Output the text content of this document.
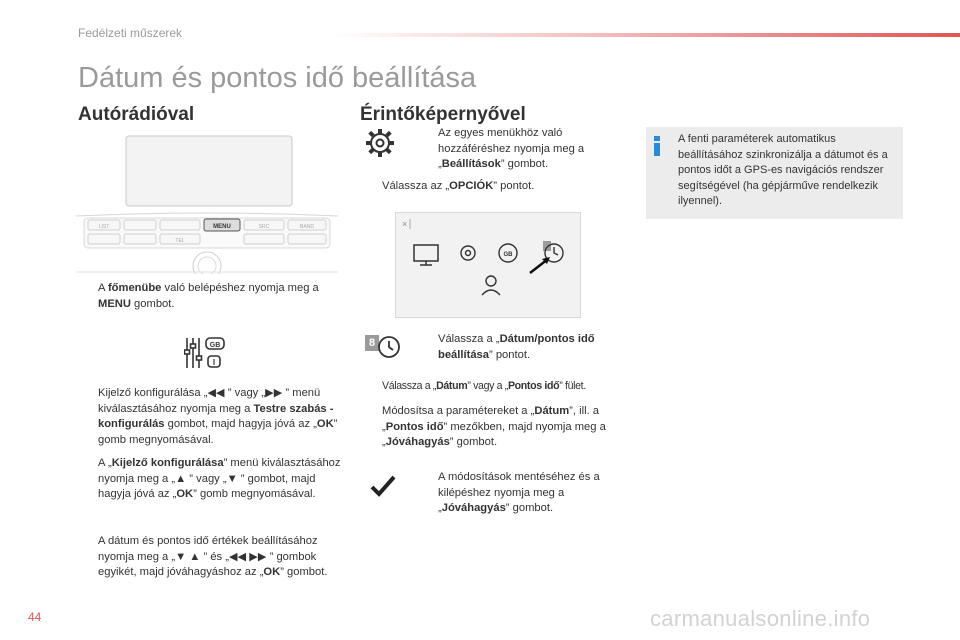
Fedélzeti műszerek
Dátum és pontos idő beállítása
Autórádióval
MENU
LIST	BAND
TEL
SRC
A főmenübe való belépéshez nyomja meg a MENU gombot.
GB
I
Kijelző konfigurálása „◀◀ ” vagy „▶▶ ” menü kiválasztásához nyomja meg a Testre szabás - konfigurálás gombot, majd hagyja jóvá az „OK” gomb megnyomásával.
A „Kijelző konfigurálása” menü kiválasztásához nyomja meg a „▲ ” vagy „▼ ” gombot, majd hagyja jóvá az „OK” gomb megnyomásával.
A dátum és pontos idő értékek beállításához nyomja meg a „▼ ▲ ” és „◀◀ ▶▶ ” gombok egyikét, majd jóváhagyáshoz az „OK” gombot.
Érintőképernyővel
Az egyes menükhöz való hozzáféréshez nyomja meg a „Beállítások” gombot.
Válassza az „OPCIÓK” pontot.
×
GB
8	Válassza a „Dátum/pontos idő beállítása” pontot.
Válassza a „Dátum” vagy a „Pontos idő” fület.
Módosítsa a paramétereket a „Dátum”, ill. a „Pontos idő” mezőkben, majd nyomja meg a „Jóváhagyás” gombot.
A módosítások mentéséhez és a kilépéshez nyomja meg a „Jóváhagyás” gombot.
A fenti paraméterek automatikus beállításához szinkronizálja a dátumot és a pontos időt a GPS-es navigációs rendszer segítségével (ha gépjárműve rendelkezik ilyennel).
44	carmanualsonline.info
